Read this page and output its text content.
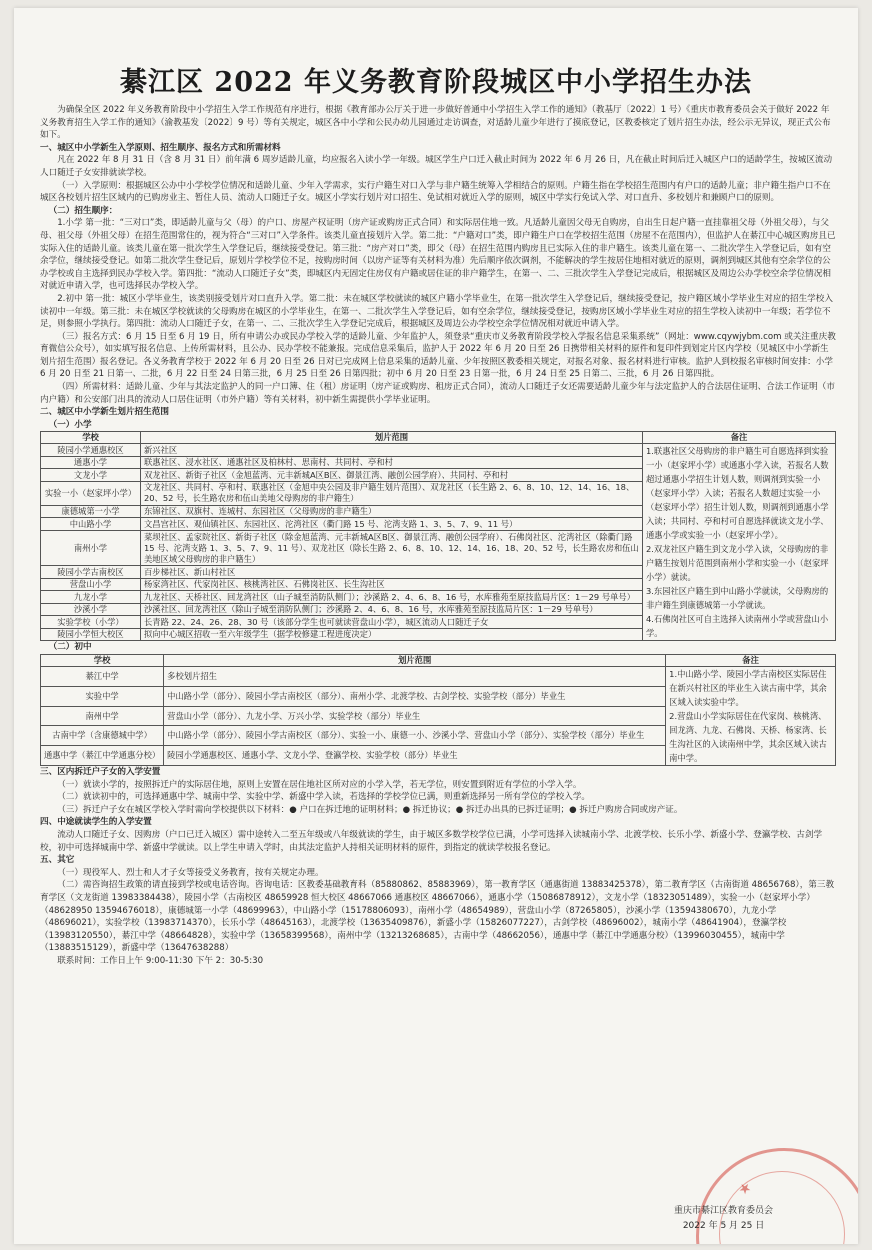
綦江区 2022 年义务教育阶段城区中小学招生办法

为确保全区 2022 年义务教育阶段中小学招生入学工作规范有序进行，根据《教育部办公厅关于进一步做好普通中小学招生入学工作的通知》（教基厅〔2022〕1 号）《重庆市教育委员会关于做好 2022 年义务教育招生入学工作的通知》（渝教基发〔2022〕9 号）等有关规定，城区各中小学和公民办幼儿园通过走访调查，对适龄儿童少年进行了摸底登记，区教委核定了划片招生办法，经公示无异议，现正式公布如下。

一、城区中小学新生入学原则、招生顺序、报名方式和所需材料

凡在 2022 年 8 月 31 日（含 8 月 31 日）前年满 6 周岁适龄儿童，均应报名入读小学一年级。城区学生户口迁入截止时间为 2022 年 6 月 26 日，凡在截止时间后迁入城区户口的适龄学生，按城区流动人口随迁子女安排就读学校。

（一）入学原则：根据城区公办中小学校学位情况和适龄儿童、少年入学需求，实行户籍生对口入学与非户籍生统筹入学相结合的原则。户籍生指在学校招生范围内有户口的适龄儿童；非户籍生指户口不在城区各校划片招生区域内的已购房业主、暂住人员、流动人口随迁子女。城区小学实行划片对口招生、免试相对就近入学的原则，城区中学实行免试入学、对口直升、多校划片和兼顾户口的原则。

（二）招生顺序：

1.小学 第一批：“三对口”类，即适龄儿童与父（母）的户口、房屋产权证明（房产证或购房正式合同）和实际居住地一致。凡适龄儿童因父母无自购房，自出生日起户籍一直挂靠祖父母（外祖父母），与父母、祖父母（外祖父母）在招生范围常住的，视为符合“三对口”入学条件。该类儿童直接划片入学。第二批：“户籍对口”类，即户籍生户口在学校招生范围（房屋不在范围内），但监护人在綦江中心城区购房且已实际入住的适龄儿童。该类儿童在第一批次学生入学登记后，继续接受登记。第三批：“房产对口”类，即父（母）在招生范围内购房且已实际入住的非户籍生。该类儿童在第一、二批次学生入学登记后，如有空余学位，继续接受登记。如第二批次学生登记后，原划片学校学位不足，按购房时间（以房产证等有关材料为准）先后顺序依次调剂，不能解决的学生按居住地相对就近的原则，调剂到城区其他有空余学位的公办学校或自主选择到民办学校入学。第四批：“流动人口随迁子女”类，即城区内无固定住房仅有户籍或居住证的非户籍学生，在第一、二、三批次学生入学登记完成后，根据城区及周边公办学校空余学位情况相对就近申请入学，也可选择民办学校入学。

2.初中 第一批：城区小学毕业生，该类别接受划片对口直升入学。第二批：未在城区学校就读的城区户籍小学毕业生，在第一批次学生入学登记后，继续接受登记，按户籍区域小学毕业生对应的招生学校入读初中一年级。第三批：未在城区学校就读的父母购房在城区的小学毕业生，在第一、二批次学生入学登记后，如有空余学位，继续接受登记，按购房区域小学毕业生对应的招生学校入读初中一年级；若学位不足，则参照小学执行。第四批：流动人口随迁子女，在第一、二、三批次学生入学登记完成后，根据城区及周边公办学校空余学位情况相对就近申请入学。

（三）报名方式：6 月 15 日至 6 月 19 日，所有申请公办或民办学校入学的适龄儿童、少年监护人，须登录“重庆市义务教育阶段学校入学报名信息采集系统”（网址：www.cqywjybm.com 或关注重庆教育微信公众号），如实填写报名信息、上传所需材料，且公办、民办学校不能兼报。完成信息采集后，监护人于 2022 年 6 月 20 日至 26 日携带相关材料的原件和复印件到划定片区内学校（见城区中小学新生划片招生范围）报名登记。各义务教育学校于 2022 年 6 月 20 日至 26 日对已完成网上信息采集的适龄儿童、少年按照区教委相关规定，对报名对象、报名材料进行审核。监护人到校报名审核时间安排：小学 6 月 20 日至 21 日第一、二批，6 月 22 日至 24 日第三批，6 月 25 日至 26 日第四批；初中 6 月 20 日至 23 日第一批，6 月 24 日至 25 日第二、三批，6 月 26 日第四批。

（四）所需材料：适龄儿童、少年与其法定监护人的同一户口簿、住（租）房证明（房产证或购房、租房正式合同），流动人口随迁子女还需要适龄儿童少年与法定监护人的合法居住证明、合法工作证明（市内户籍）和公安部门出具的流动人口居住证明（市外户籍）等有关材料，初中新生需提供小学毕业证明。

二、城区中小学新生划片招生范围

（一）小学

学校	划片范围	备注
陵园小学通惠校区	新兴社区	1.联惠社区父母购房的非户籍生可自愿选择到实验一小（赵家坪小学）或通惠小学入读，若报名人数超过通惠小学招生计划人数，则调剂到实验一小（赵家坪小学）入读；若报名人数超过实验一小（赵家坪小学）招生计划人数，则调剂到通惠小学入读；共同村、亭和村可自愿选择就读文龙小学、通惠小学或实验一小（赵家坪小学）。
2.双龙社区户籍生到文龙小学入读，父母购房的非户籍生按划片范围到南州小学和实验一小（赵家坪小学）就读。
3.东园社区户籍生到中山路小学就读，父母购房的非户籍生到康德城第一小学就读。
4.石佛岗社区可自主选择入读南州小学或营盘山小学。

通惠小学	联惠社区、浸水社区、通惠社区及柏林村、思南村、共同村、亭和村	
文龙小学	双龙社区、新街子社区（金旭蓝湾、元丰新城A区B区、御景江湾、融创公园学府）、共同村、亭和村	
实验一小（赵家坪小学）	文龙社区、共同村、亭和村、联惠社区（金旭中央公园及非户籍生划片范围）、双龙社区（长生路 2、6、8、10、12、14、16、18、20、52 号，长生路农房和伍山美地父母购房的非户籍生）	
康德城第一小学	东锦社区、双旗村、连城村、东园社区（父母购房的非户籍生）	
中山路小学	文昌宫社区、观仙镇社区、东园社区、沱湾社区（衢门路 15 号、沱湾支路 1、3、5、7、9、11 号）	
南州小学	菜坝社区、孟家院社区、新街子社区（除金旭蓝湾、元丰新城A区B区、御景江湾、融创公园学府）、石佛岗社区、沱湾社区（除衢门路 15 号、沱湾支路 1、3、5、7、9、11 号）、双龙社区（除长生路 2、6、8、10、12、14、16、18、20、52 号，长生路农房和伍山美地区域父母购房的非户籍生）	
陵园小学古南校区	百步梯社区、新山村社区	
营盘山小学	杨家湾社区、代家岗社区、核桃湾社区、石佛岗社区、长生沟社区	
九龙小学	九龙社区、天桥社区、回龙湾社区（山子城至消防队侧门）；沙溪路 2、4、6、8、16 号，水库雅苑至原技监局片区：1－29 号单号）	
沙溪小学	沙溪社区、回龙湾社区（除山子城至消防队侧门；沙溪路 2、4、6、8、16 号，水库雅苑至原技监局片区：1－29 号单号）	
实验学校（小学）	长青路 22、24、26、28、30 号（该部分学生也可就读营盘山小学），城区流动人口随迁子女	
陵园小学恒大校区	拟向中心城区招收一至六年级学生（据学校修建工程进度决定）	

（二）初中

学校	划片范围	备注
綦江中学	多校划片招生	1.中山路小学、陵园小学古南校区实际居住在新兴村社区的毕业生入读古南中学，其余区域入读实验中学。
2.营盘山小学实际居住在代家岗、核桃湾、回龙湾、九龙、石佛岗、天桥、杨家湾、长生沟社区的入读南州中学，其余区域入读古南中学。

实验中学	中山路小学（部分）、陵园小学古南校区（部分）、南州小学、北渡学校、古剑学校、实验学校（部分）毕业生	
南州中学	营盘山小学（部分）、九龙小学、万兴小学、实验学校（部分）毕业生	
古南中学（含康德城中学）	中山路小学（部分）、陵园小学古南校区（部分）、实验一小、康德一小、沙溪小学、营盘山小学（部分）、实验学校（部分）毕业生	
通惠中学（綦江中学通惠分校）	陵园小学通惠校区、通惠小学、文龙小学、登瀛学校、实验学校（部分）毕业生	

三、区内拆迁户子女的入学安置

（一）就读小学的，按照拆迁户的实际居住地，原则上安置在居住地社区所对应的小学入学，若无学位，则安置到附近有学位的小学入学。

（二）就读初中的，可选择通惠中学、城南中学、实验中学、新盛中学入读，若选择的学校学位已满，则重新选择另一所有学位的学校入学。

（三）拆迁户子女在城区学校入学时需向学校提供以下材料：● 户口在拆迁地的证明材料；● 拆迁协议；● 拆迁办出具的已拆迁证明；● 拆迁户购房合同或房产证。

四、中途就读学生的入学安置

流动人口随迁子女、因购房（户口已迁入城区）需中途转入二至五年级或八年级就读的学生，由于城区多数学校学位已满，小学可选择入读城南小学、北渡学校、长乐小学、新盛小学、登瀛学校、古剑学校，初中可选择城南中学、新盛中学就读。以上学生申请入学时，由其法定监护人持相关证明材料的原件，到指定的就读学校报名登记。

五、其它

（一）现役军人、烈士和人才子女等接受义务教育，按有关规定办理。

（二）需咨询招生政策的请直接到学校或电话咨询。咨询电话：区教委基础教育科（85880862、85883969），第一教育学区（通惠街道 13883425378），第二教育学区（古南街道 48656768），第三教育学区（文龙街道 13983384438），陵园小学（古南校区 48659928 恒大校区 48667066 通惠校区 48667066），通惠小学（15086878912），文龙小学（18323051489），实验一小（赵家坪小学）（48628950 13594676018），康德城第一小学（48699963），中山路小学（15178806093），南州小学（48654989），营盘山小学（87265805），沙溪小学（13594380670），九龙小学（48696021），实验学校（13983714370），长乐小学（48645163），北渡学校（13635409876），新盛小学（15826077227），古剑学校（48696002），城南小学（48641904），登瀛学校（13983120550），綦江中学（48664828），实验中学（13658399568），南州中学（13213268685），古南中学（48662056），通惠中学（綦江中学通惠分校）（13996030455），城南中学（13883515129），新盛中学（13647638288）

联系时间：工作日上午 9:00-11:30 下午 2：30-5:30

★
重庆市綦江区教育委员会
2022 年 5 月 25 日
